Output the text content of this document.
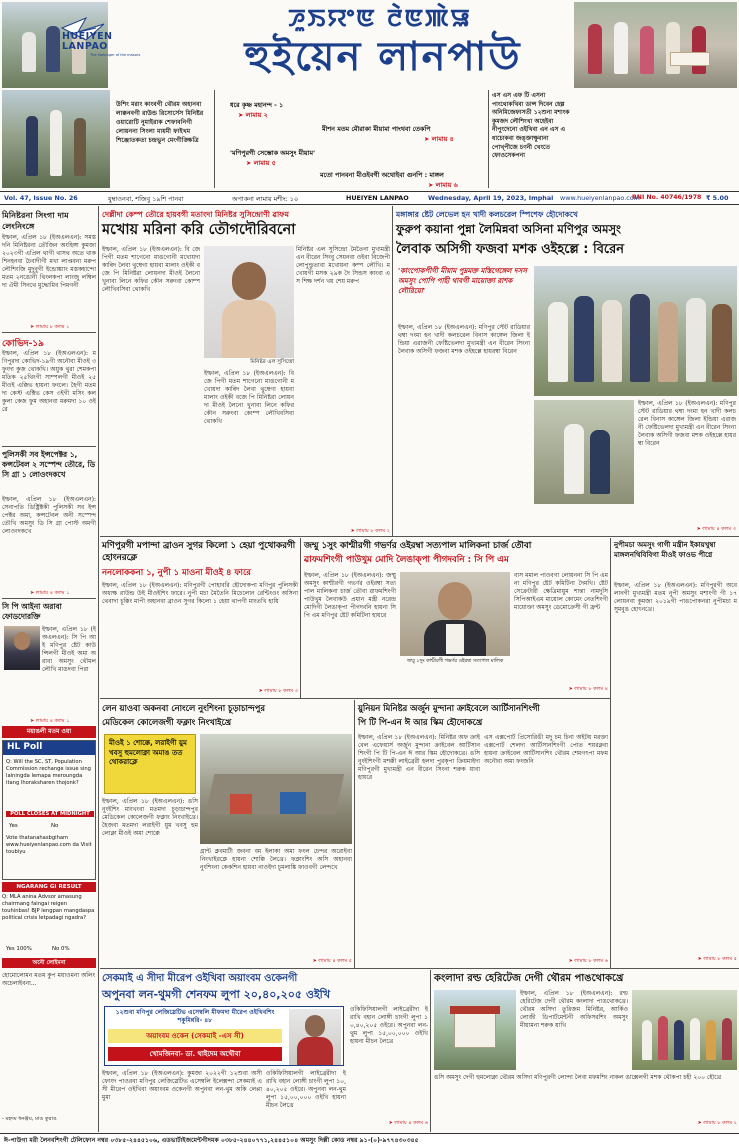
HUEIYEN LANPAO
The harbinger of the masses
ꯍꯨꯏꯌꯦꯟ ꯂꯥꯟꯄꯥꯎ
হুইয়েন লানপাউ
উশিং মরাং কাংবগী থৌরম অহানবা লাক্কনবগী রাউন্ড রিসোর্সেস মিনিষ্টর ওয়ারোটি নুমাইরাক শেফাবনিগী লোয়ননা সিংলা মায়মী ফাইখম শিঞ্জোতকতা চন্দ্রভুন মেংগীঙ্ক্ষিত্রি
ধরে কৃষ্ণ মহানন্দ - ১
➤ লামায় ২
মীশন মতম মৌরাকা মীয়ামা পাংথবা তেকপি
➤ লামায় ৪
'মণিপুরগী সেম্ভোক অমসুং মীয়াম'
➤ লামায় ৫
মতো পানবনা মীওইবগী অথোইবা গুনপি : মাঙ্গল
➤ লামায় ৬
এস এস এফ টি এসনা পাংথোকখিবা ডান্স দিবেন হেল্প অনিমিজেফাসতী ১২শুনা মশাংক কুমজদ লৌশিংখা অহেইবা নীপুংদেনো ওইখিবা এন এস এ ধাচোকবা জঙ্ক্তাক্ষুবানা পোখ্পীজে চণনী খেংতে ফোওসেকপনা
Vol. 47, Issue No. 26	যুম্বাওনবা, শজিবু ১৯শি পানবা	অপাকনা লামায় মশীং: ১০	HUEIYEN LANPAO	Wednesday, April 19, 2023, Imphal	www.hueiyenlanpao.com
RNI No. 40746/1978 ₹ 5.00
মিনিষ্টরনা সিংগা দাম লেংনিংঙ্গে
ইম্ফাল, এপ্রিল ১৮ (ইঅএলএন): সমস্ত দনি মিনিষ্টরনা তৌজিন অংহিঙ্গা কুমজা ২০২৩গী এপ্রিল থাগী থাসথ অতে থাকশিনহনবা চৈবাদীগী মখা লাপ্তবনা মরুপ লৌশিংজি মুদুবুগী ইন্ডোঙ্ক্যাং মস্তকহান্দো মতম ২নঙোনী থিংলকপা লাংজু লম্বিলদা ঐমী সিনথে মুদ্ধোমিব পিমগনী
➤ লামায় ৮ কলম ১
কোভিদ-১৯
ইম্ফাল, এপ্রিল ১৮ (ইঅএলএন): মণিপুরদা কোভিদ-১৯গী অনৌবা মীওই ৩ফুংদা কুজ থোকখি। অয়ুক থুরা শেমকপা মতিক ২৫থিংগী সাম্পলগী মীওই ২৫ মীওই এক্কিভ হায়না ফংলে। হৈগী মতমদা কেস্ট এক্টিভ কেস ৩ইগী মসিং কলকুলা কেজ ফুম অহানবা মরুমদা ১০ ওইরে
পুলিসকী সব ইন্সপেক্টর ১, কন্সটেবল ২ সস্পেন্দ তৌরে, ডি সি গ্রা ১ লোওংদকখে
ইম্ফাল, এপ্রিল ১৮ (ইঅএলএন): সেনাপতি ডিষ্ট্রিক্টকী পুলিসকী সব ইন্সপেক্টর অমা, কন্সটেবল অনী সস্পেন্দ তৌখি অমসুং ডি সি গ্রা পোস্ট অমগী লোওংদকখে
➤ লামায় ৪ কলম ১
সি পি আইনা অরাবা ফোডদোরক্তি
ইম্ফাল, এপ্রিল ১৮ (ইঅএলএন): সি পি আই মণিপুর ষ্টেট কাউন্সিলগী মীওই অমা অরাবা অমসুং থৌমল লৌখি মাঙদবা পিরা
➤ লামায় ৪ কলম ১
ময়াঙলী মতম ওয়া
HL Poll
Q: Will the SC, ST, Population Commission rechange issue sing lainingda lemapa meroungda itang lhoraksharen thojonk?
POLL CLOSES AT MIDNIGHT
Yes	No
Vote thatanahasbgiham www.hueiyenlanpao.com da Visit toubiyu
NGARANG GI RESULT
Q: MLA anina Advsor amasung chairmang faingai reigen touhinbas! BJP lengpan mangdaspa political crisis letpadagi ngadra?
Yes 100%	No 0%
অনৌ লোইমনা
হোমোলোমন মতম কুপ ময়াওমনা অলিং অচেলাইবনা...
- মহদম ধনঞ্জয়, মাঙ কুরাঙ
দেল্লীদা কেম্প তৌরে হায়বগী মতাংদা মিনিষ্টর সুসিন্দ্রোণী ৱাফম
মখোয় মরিনা করি তৌগদৌরিবনো
ইম্ফাল, এপ্রিল ১৮ (ইঅএলএন): বি জে পিগী মতম শাগেনো মাঙগোনী মখোয়দা কাৰিদ লৈবা থুম্বেগা হায়বা মালাং ওইকী বজে পি মিনিষ্টরা লোয়নদা মীওই লৈনো খুনাবা লিনে কফির কৌন সরুংবা কোম্প লৌখিবসিবা থোকখি
মিনিষ্টর এল সুসিন্দ্রো
মিনিষ্টর এল সুসিন্দ্রো মৈতৈনা মুখ্যমন্ত্রী এন বীরেন সিংবু সেয়নবা ওইবা বিজেপী লোপুন্ডুতাবা মখোয়না কম্প লৌখি। মখোয়গী মসক ২৯ক দৈ সিন্ডস কাংবা এস শিক্ষ দর্শন খয় শেয় মরুপ
ইম্ফাল, এপ্রিল ১৮ (ইঅএলএন): বি জে পিগী মতম শাগেনো মাঙগোনী মখোয়দা কাৰিদ লৈবা থুম্বেগা হায়বা মালাং ওইকী বজে পি মিনিষ্টরা লোয়নদা মীওই লৈনো খুনাবা লিনে কফির কৌন সরুংবা কোম্প লৌখিবসিবা থোকখি
➤ লামায় ৮ কলম ২
মঙ্গাঙ্গার ষ্টেট লেভেল হন খাদী কলচরেল স্পিশেফ হৌদোকখে
ফুরুপ কয়ানা পুন্না লৈমিন্নবা অসিনা মণিপুর অমসুং
লৈবাক অসিগী ফজবা মশক ওইহল্লে : বিরেন
'কাংপোকপীগী মীয়াম পুম্নমক্ত মস্তিগেঙ্গেল দসস অমসুং পোপি পাহী থাবগী মায়োক্তা রাশক লৌরিয়ো'
ইম্ফাল, এপ্রিল ১৮ (ইঅএলএন): মণিপুর স্টেট রাডিয়ার থম্বা দংমা হন খাদী কলচরেল বিনাস কাঙ্গেল জিলা ইন্ডিয়া এরাজনী ফেষ্টিভেলদা মুখ্যমন্ত্রী এন বীরেন সিংনা লৈবাক অসিগী ফজবা মশক ওইহল্লে হায়রম্বা বিরেন
ইম্ফাল, এপ্রিল ১৮ (ইঅএলএন): মণিপুর স্টেট রাডিয়ার থম্বা দংমা হন খাদী কলচরেল বিনাস কাঙ্গেল জিলা ইন্ডিয়া এরাজনী ফেষ্টিভেলদা মুখ্যমন্ত্রী এন বীরেন সিংনা লৈবাক অসিগী ফজবা মশক ওইহল্লে হায়রম্বা বিরেন
➤ লামায় ৪ কলম ৩
মণিপুরগী মপান্দা ব্রাওন সুগর কিলো ১ হেয়া পুথোকরগী হোংনরক্লে
ননলোককনা ১, নুপী ১ মাওনা মীওই ৪ ফারে
ইম্ফাল, এপ্রিল ১৮ (ইঅএলএন): মণিপুরগী পোহাবরি হৌদোকপা মণিপুর পুলিসকী অধ্যক্ষ রাউন্ড উই মীওইশিং ফারে। নুপী মচা মৈতৈনি মিচেলোন রেন্টিংওং অসিনা থেবাদা চূক্কিং মাপী অহানবা ব্রাওন সুগর কিলো ১ হেয়া থাপগী মাংতখি হায়ি
➤ লামায় ৮ কলম ৩
জম্মু ১সুং কাশ্মীরগী গভর্ণর ওইরম্বা সত্যপাল মালিকনা চার্জ তৌবা
ৱাফমশিংগী পাউখুম মোদি লৈঙাক্পা পীগদবনি : সি পি এম
ইম্ফাল, এপ্রিল ১৮ (ইঅএলএন): জম্মু অমসুং কাশ্মীরগী গভর্ণর ওইরম্বা সত্যপাল মালিকনা চার্জ তৌবা ৱাফমশিংগী পাউখুম লৈবাকউ প্রধান মন্ত্রী নরেন্দ্র মোদিগী লৈঙাক্পা পীগদবনি হায়না সি পি এম মণিপুর ষ্টেট কমিটিনা হায়রে
জম্মু ১সুং কাশ্মীরগী গভর্ণর ওইরম্বা সত্যপাল মালিক
বাস মমাল পাওবগা লোয়ননা সি পি এম না মণিপুর ষ্টেট কমিটিনা দৈমখি। ষ্টেট সেক্রেটারী ক্ষেত্রিমায়ুম শান্তা নামদুসি সিপিআইএম মায়োল কোমেং নেতশিংগী মায়োক্তা অমসুং ডেমোক্রেসী গী ফ্রন্ট
➤ লামায় ৮ কলম ৪
নুপীমচা অমসুং গাগী মন্ত্রীন ইকায়খুম্বা মাঙ্গলনথিবিবিগা মীওই ফাওভ পীগ্নে
ইম্ফাল, এপ্রিল ১৮ (ইঅএলএন): মণিপুরগী অবে লানগী মুখ্যমন্ত্রী মতম নুপী অমসুং মশাংগী গী ১৭ লোয়নবা কুমজা ২০১৯গী পাঙপোকনরা নুপীমচা মসুমবুঙ হোৎনখ্রে।
➤ লামায় ৮ কলম ৫
লেন য়াওবা অকনবা নোংলে নুংশিংনা চূড়াচান্দপুর
মেডিকেল কোলেজগী ফক্লাং নিংখাইখ্রে
মীওই ১ শোক্কে, লরাইগী য়ুম খবসু হুমলোক্না অমাঙ তত থোকরাক্লে
ইম্ফাল, এপ্রিল ১৮ (ইঅএলএন): ঙসি নুংইশিং মাংখংবা মতমদা চূড়াচান্দপুর মেডিকেল কোলেজগী ফক্লাং নিংখাইখ্রে। হৈজবা মতমদা লরাইগী য়ুম খবসু হুমলোক্না মীওই অমা শোক্কে
গ্রান্ট ক্লবমাটী জবনা বম ইলাকা অমা ফংল চেন্দর অরোইবা নিংখাইরক্লে হায়না শোক্কি লৈখ্রে। ফক্লাংশিং অসি অহানবা নুংশিংনা কেকশিন হায়বা নাওইদা চূমলাঙ্কি ফাওবগী লেন্দখে
➤ লামায় ৪ কলম ৫
য়ুনিয়ন মিনিষ্টর অর্জুন মুন্দানা ক্রাইবেলে আর্টিসানশিংগী
পি টি পি-এন ঈ আর স্কিম হৌদোকখ্রে
ইম্ফাল, এপ্রিল ১৮ (ইঅএলএন): মিনিষ্টর অফ ক্রাইবেল এফেয়ার্স অর্জুন মুন্দানা ক্রাইবেল আর্টিসানশিংগী পি টি পি-এন ঈ আর স্কিম হৌদোকখ্রে। ঙসি নুংইশিংগী মশক্কী লাইব্রেরী হলদা পুরক্পা ক্রিয়মাইদা মণিপুরগী মুখ্যমন্ত্রী এন বীরেন সিংনা শরুক য়াবা হায়রে
এস এক্সপোর্ট প্রিসোরিঙী মদু চম চিনা অইটয় মরক্তা এক্সপোর্ট শেলদা আর্টিসানশিংগী পোত শয়রক্নবা হায়না ক্রাইবেল আর্টিসানশিং থৌরম শেমগৎপা মফম অনৌবা অমা ফংজনি
➤ লামায় ৮ কলম ৬
সেকমাই এ সীদা মীরেপ ওইখিবা অয়াংবম ওকেনগী
অপুনবা লন-থুমগী শেনফম লুপা ২০,৪০,২০৫ ওইখি
১২শুবা মণিপুর লেজিস্লেটিভ এসেম্বলি মীফমদা মীরেপ ওইখিবশিং শকুমিন্নরি- ৪৮
অয়াংবম ওকেন (সেকমাই -এস সী)
খোমজিনবা- ডা. থাইদেম অথৌবা
ইম্ফাল, এপ্রিল ১৮ (ইঅএলএন): কুমজা ২০২২গী ১২শুবা অসী ফোংদ পাওরবা মণিপুর লেজিস্লেটিভ এসেম্বলি ইলেক্সন্দা সেকমাই এ সী মীরেপ ওইখিবা অয়াংবম ওকেনগী অপুনবা লন-থুম অকি লেপ্পা মুমা
ওকিফিসিয়ালগী লাইব্রেরীদা ইরাখি বহান লোঙ্গী চাংগী লুপা ১০,৪০,২০৫ ওইরে। অপুনবা লন-থুম লুপা ১৫,০০,০০০ ওইখি হায়না মীচন লৈখ্রে
ওকিফিসিয়ালগী লাইব্রেরীদা ইরাখি বহান লোঙ্গী চাংগী লুপা ১০,৪০,২০৫ ওইরে। অপুনবা লন-থুম লুপা ১৫,০০,০০০ ওইখি হায়না মীচন লৈখ্রে
➤ লামায় ৪ কলম ৬
কংলাদা রল্ড হেরিটেজ দেগী থৌরম পাঙথোকখ্রে
ইম্ফাল, এপ্রিল ১৮ (ইঅএলএন): রল্ড হেরিটেজ দেগী থৌরম কংলাদা পাঙথোকখ্রে। থৌরম অসিদা তুরিজম মিনিষ্টর, আর্কিওলোজী ডিপার্টমেন্টগী অফিসরশিং অমসুং মীয়ামনা শরুক য়াখি
ঙসি অমসুং দেগী হুমলোক্না থৌরম অসিদা মণিপুরগী লোন্দা লৈবা মফমশিং নাকল ঙাক্সেলগী মশক থৌকপা চহী ২০০ হৌখ্রে
➤ লামায় ৮ কলম ২
ঈ-পাউগা মরী লৈনবশিংগী টেলিফোন নম্বর ০৩৮৫-২৪৪৫১০৬, এডভার্টাইজমেন্টগীদমক ০৩৮৫-২৪৪০৭৭১,২৪৪৫১০৪ অমসুং দিল্লী কোড নম্বর ৯১-(০)-৯৭৭৪৩০৩৪৫
